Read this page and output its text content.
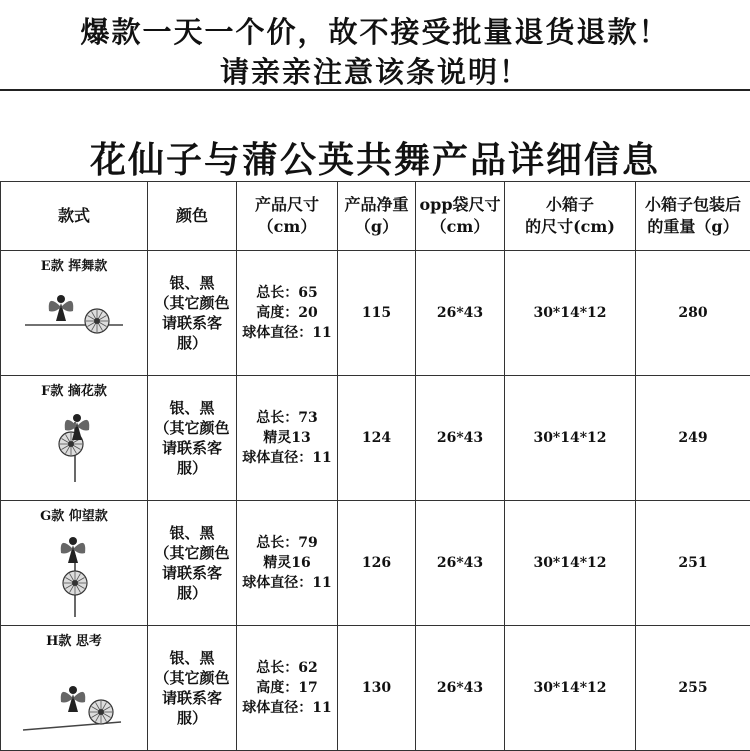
爆款一天一个价，故不接受批量退货退款！
请亲亲注意该条说明！
花仙子与蒲公英共舞产品详细信息
款式	颜色	产品尺寸
（cm）	产品净重
（g）	opp袋尺寸
（cm）	小箱子
的尺寸(cm)	小箱子包装后
的重量（g）

E款 挥舞款	银、黑
（其它颜色
请联系客
服）	总长：65
高度：20
球体直径：11	115	26*43	30*14*12	280

F款 摘花款	银、黑
（其它颜色
请联系客
服）	总长：73
精灵13
球体直径：11	124	26*43	30*14*12	249

G款 仰望款	银、黑
（其它颜色
请联系客
服）	总长：79
精灵16
球体直径：11	126	26*43	30*14*12	251

H款 思考	银、黑
（其它颜色
请联系客
服）	总长：62
高度：17
球体直径：11	130	26*43	30*14*12	255
